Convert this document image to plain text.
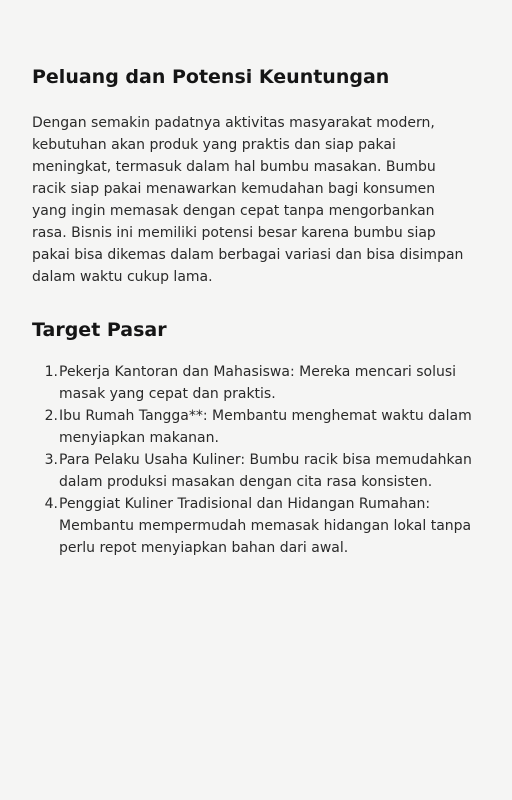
Peluang dan Potensi Keuntungan

Dengan semakin padatnya aktivitas masyarakat modern, kebutuhan akan produk yang praktis dan siap pakai meningkat, termasuk dalam hal bumbu masakan. Bumbu racik siap pakai menawarkan kemudahan bagi konsumen yang ingin memasak dengan cepat tanpa mengorbankan rasa. Bisnis ini memiliki potensi besar karena bumbu siap pakai bisa dikemas dalam berbagai variasi dan bisa disimpan dalam waktu cukup lama.

Target Pasar
1. Pekerja Kantoran dan Mahasiswa: Mereka mencari solusi masak yang cepat dan praktis.
2. Ibu Rumah Tangga**: Membantu menghemat waktu dalam menyiapkan makanan.
3. Para Pelaku Usaha Kuliner: Bumbu racik bisa memudahkan dalam produksi masakan dengan cita rasa konsisten.
4. Penggiat Kuliner Tradisional dan Hidangan Rumahan: Membantu mempermudah memasak hidangan lokal tanpa perlu repot menyiapkan bahan dari awal.
